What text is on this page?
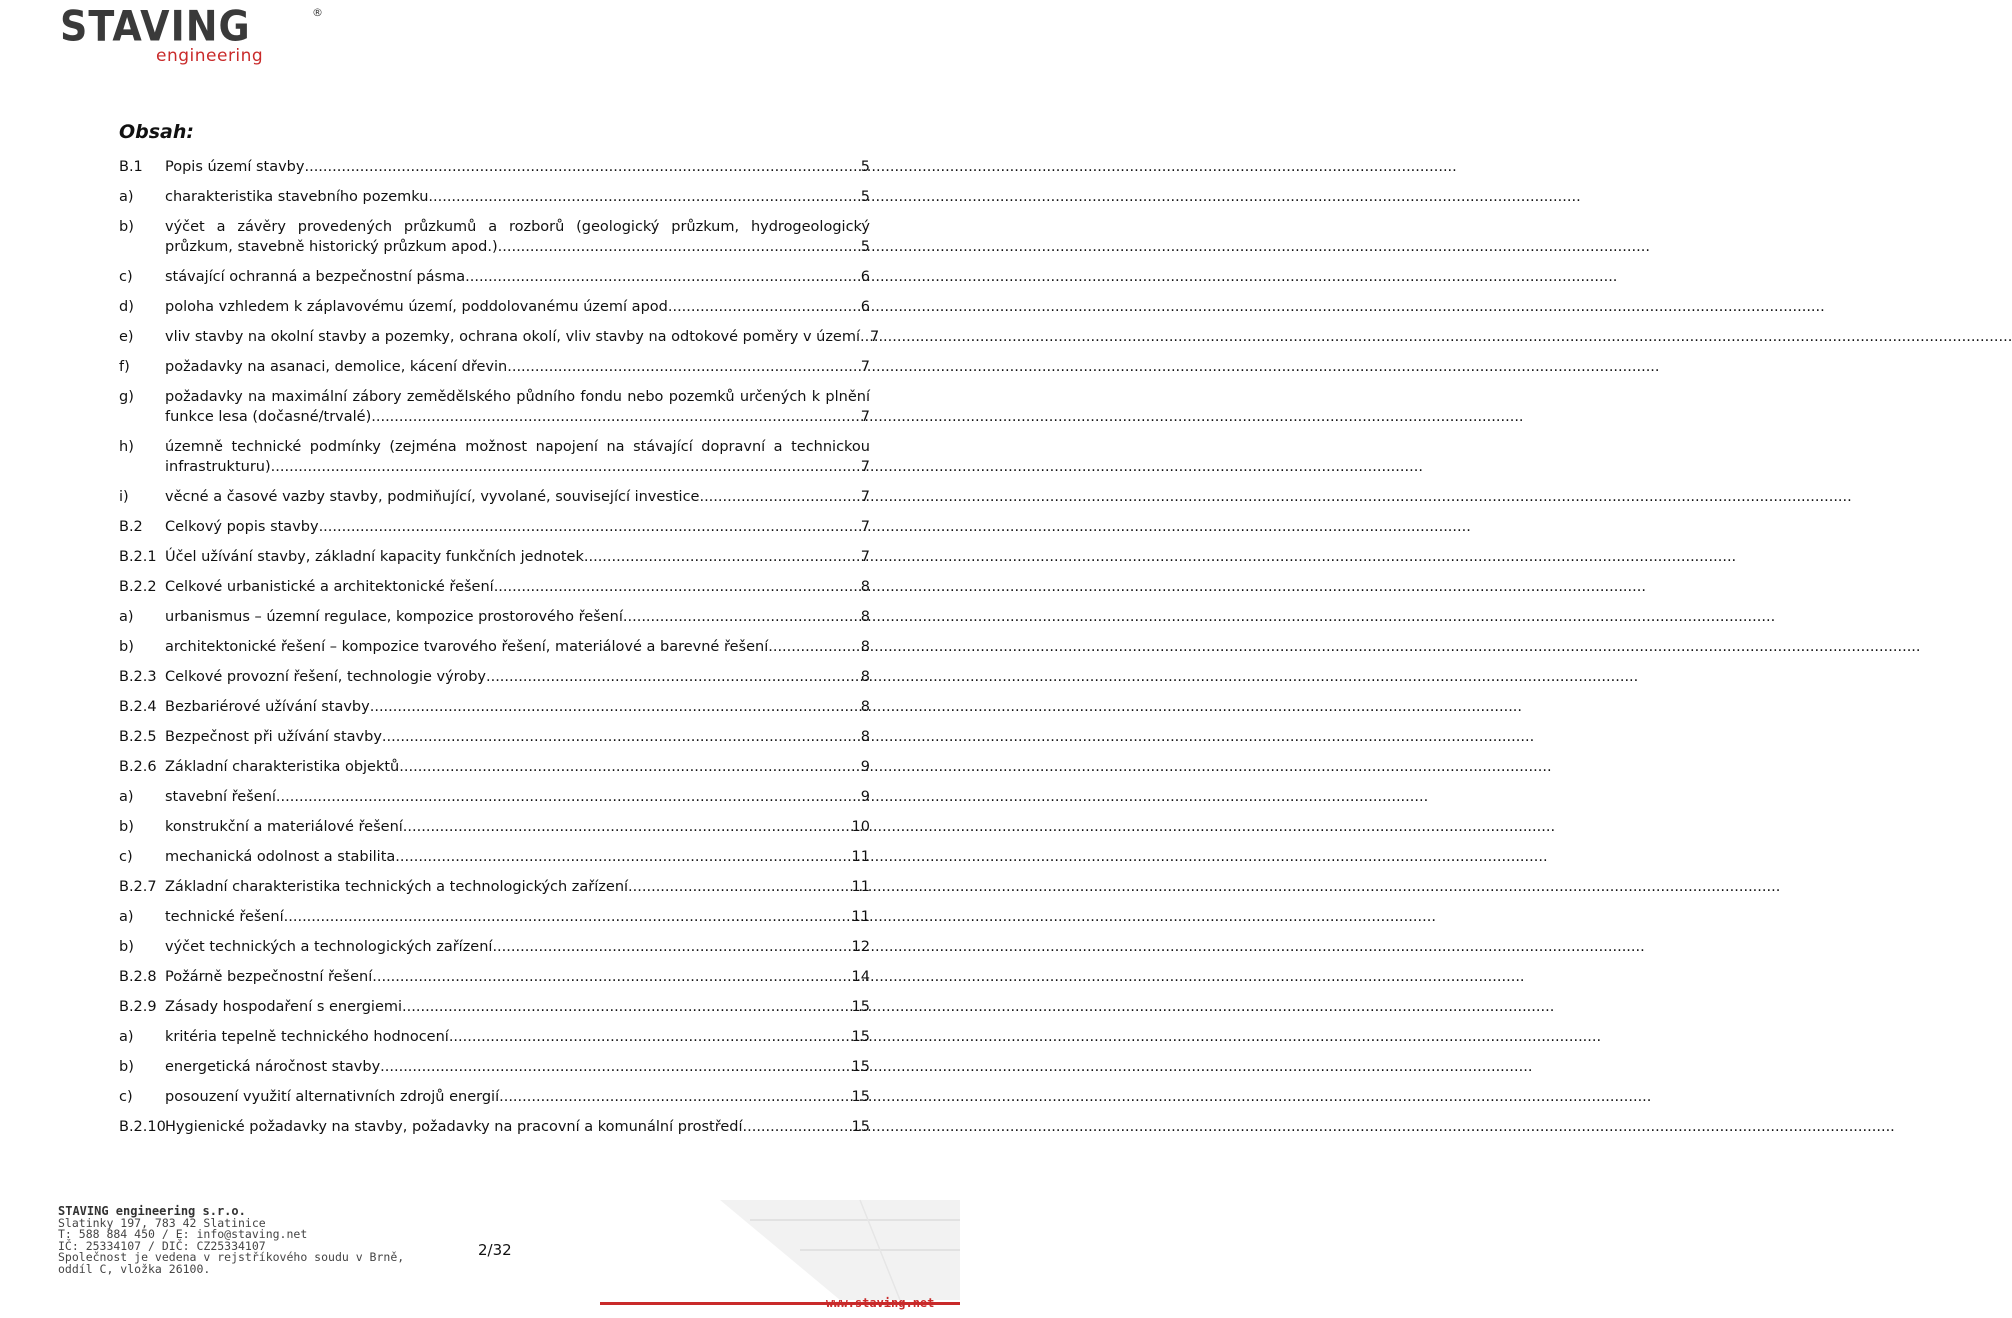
STAVING	®
engineering
Obsah:
B.1 Popis území stavby .....	5
a) charakteristika stavebního pozemku .....	5
b) výčet a závěry provedených průzkumů a rozborů (geologický průzkum, hydrogeologický
průzkum, stavebně historický průzkum apod.) .....	5
c) stávající ochranná a bezpečnostní pásma .....	6
d) poloha vzhledem k záplavovému území, poddolovanému území apod. .....	6
e) vliv stavby na okolní stavby a pozemky, ochrana okolí, vliv stavby na odtokové poměry v území ..... 7
f) požadavky na asanaci, demolice, kácení dřevin .....	7
g) požadavky na maximální zábory zemědělského půdního fondu nebo pozemků určených k plnění
funkce lesa (dočasné/trvalé) .....	7
h) územně technické podmínky (zejména možnost napojení na stávající dopravní a technickou
infrastrukturu) .....	7
i)	věcné a časové vazby stavby, podmiňující, vyvolané, související investice .....	7
B.2 Celkový popis stavby .....	7
B.2.1 Účel užívání stavby, základní kapacity funkčních jednotek .....	7
B.2.2 Celkové urbanistické a architektonické řešení .....	8
a) urbanismus – územní regulace, kompozice prostorového řešení .....	8
b) architektonické řešení – kompozice tvarového řešení, materiálové a barevné řešení .....	8
B.2.3 Celkové provozní řešení, technologie výroby .....	8
B.2.4 Bezbariérové užívání stavby .....	8
B.2.5 Bezpečnost při užívání stavby .....	8
B.2.6 Základní charakteristika objektů .....	9
a) stavební řešení .....	9
b) konstrukční a materiálové řešení .....	10
c) mechanická odolnost a stabilita .....	11
B.2.7 Základní charakteristika technických a technologických zařízení .....	11
a) technické řešení .....	11
b) výčet technických a technologických zařízení .....	12
B.2.8 Požárně bezpečnostní řešení .....	14
B.2.9 Zásady hospodaření s energiemi .....	15
a) kritéria tepelně technického hodnocení .....	15
b) energetická náročnost stavby .....	15
c) posouzení využití alternativních zdrojů energií .....	15
B.2.10 Hygienické požadavky na stavby, požadavky na pracovní a komunální prostředí .....	15
STAVING engineering s.r.o.
Slatinky 197, 783 42 Slatinice
T: 588 884 450 / E: info@staving.net
IČ: 25334107 / DIČ: CZ25334107
Společnost je vedena v rejstříkového soudu v Brně,
oddíl C, vložka 26100.
2/32
www.staving.net
